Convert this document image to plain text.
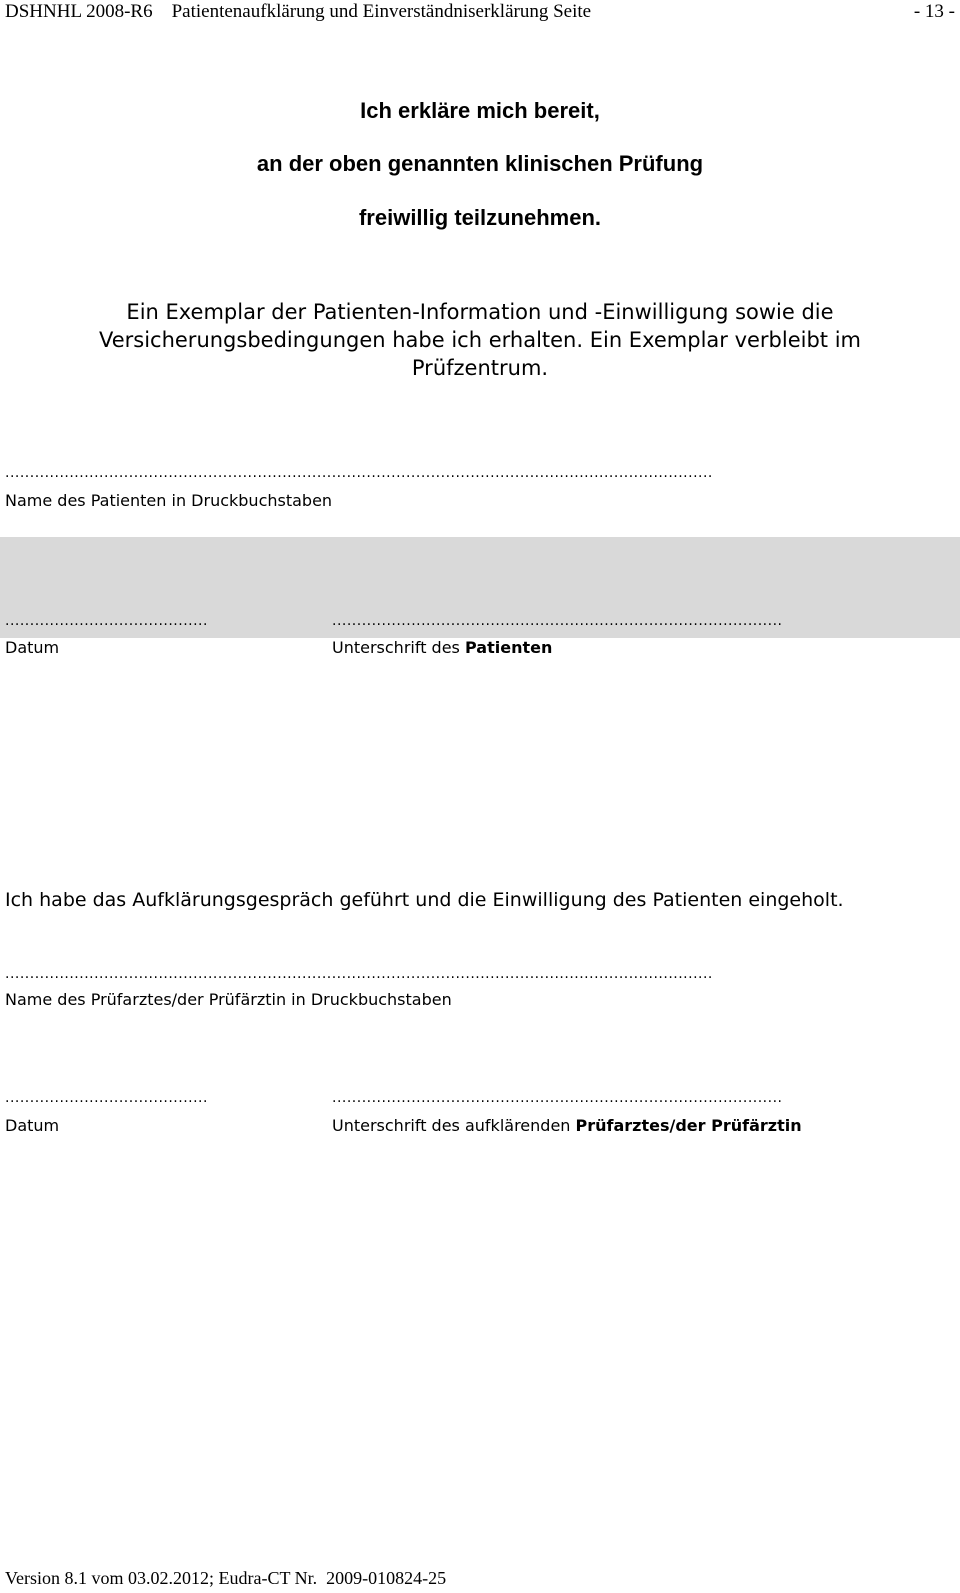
DSHNHL 2008-R6    Patientenaufklärung und Einverständniserklärung Seite	- 13 -
Ich erkläre mich bereit,
an der oben genannten klinischen Prüfung
freiwillig teilzunehmen.
Ein Exemplar der Patienten-Information und -Einwilligung sowie die Versicherungsbedingungen habe ich erhalten. Ein Exemplar verbleibt im Prüfzentrum.
...............................................................................................................................................
Name des Patienten in Druckbuchstaben
.........................................
Datum
...........................................................................................
Unterschrift des Patienten
Ich habe das Aufklärungsgespräch geführt und die Einwilligung des Patienten eingeholt.
...............................................................................................................................................
Name des Prüfarztes/der Prüfärztin in Druckbuchstaben
.........................................
Datum
...........................................................................................
Unterschrift des aufklärenden Prüfarztes/der Prüfärztin
Version 8.1 vom 03.02.2012; Eudra-CT Nr.  2009-010824-25
